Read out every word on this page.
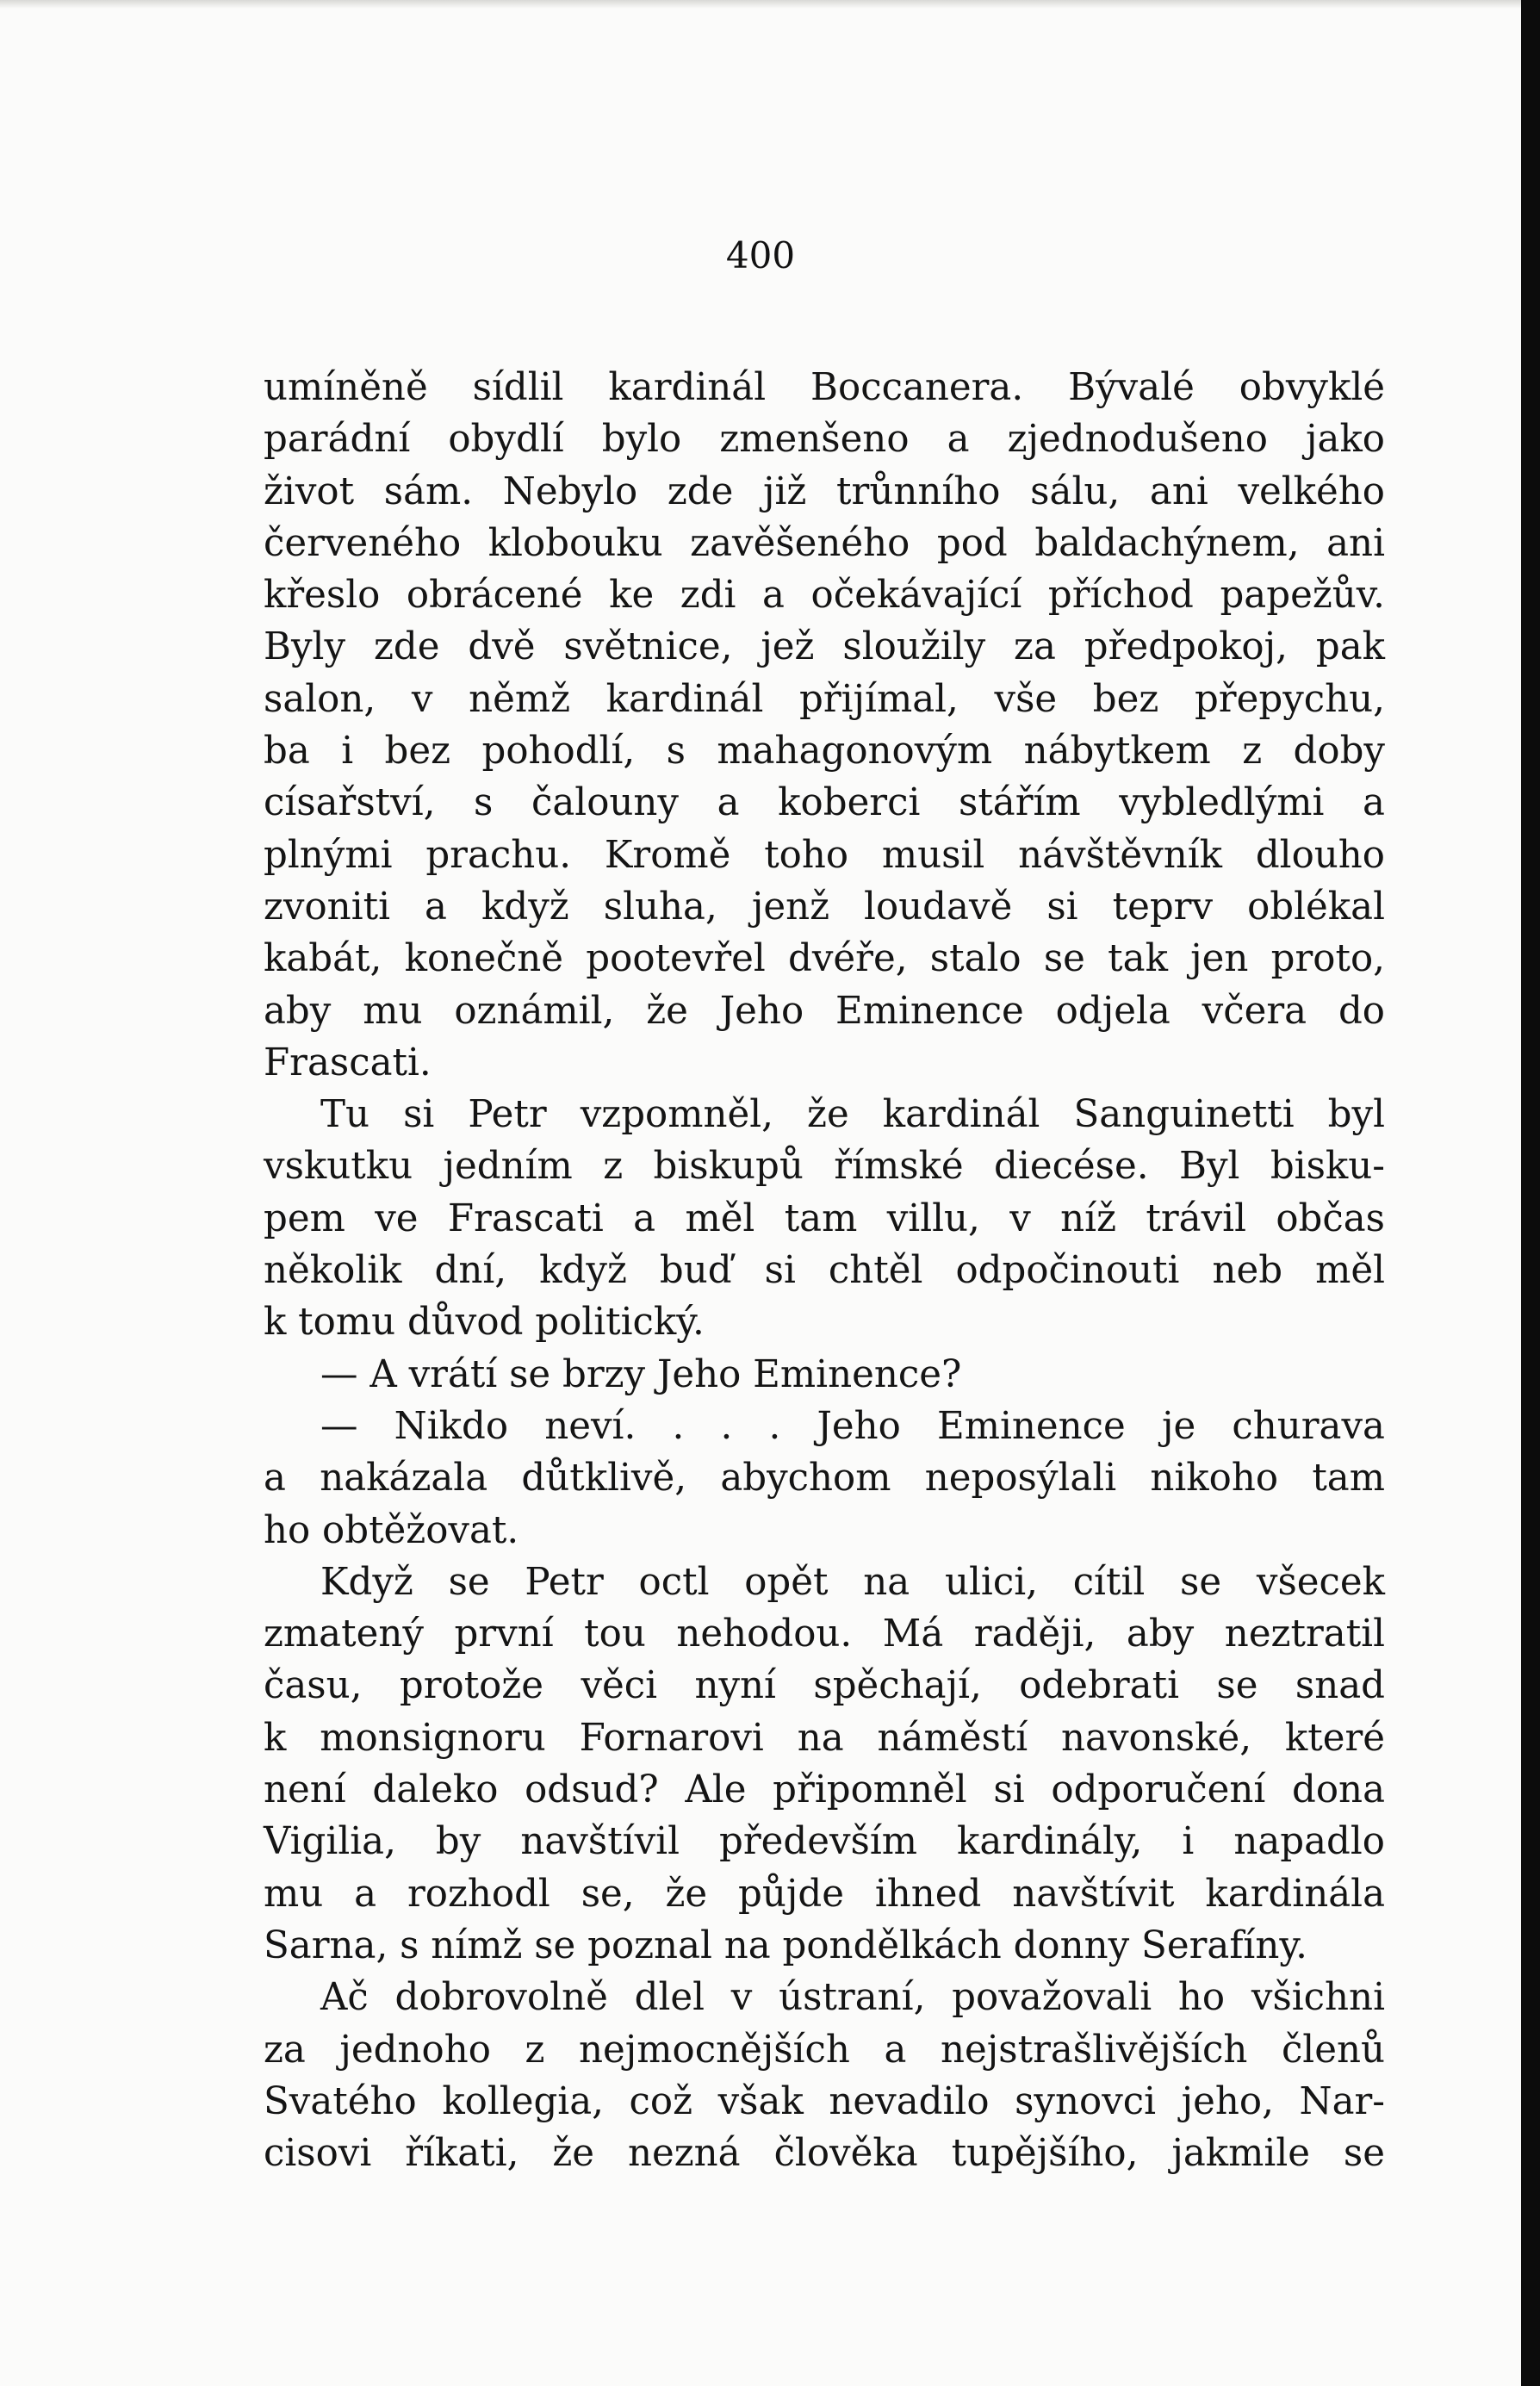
400

umíněně sídlil kardinál Boccanera. Bývalé obvyklé
parádní obydlí bylo zmenšeno a zjednodušeno jako
život sám. Nebylo zde již trůnního sálu, ani velkého
červeného klobouku zavěšeného pod baldachýnem, ani
křeslo obrácené ke zdi a očekávající příchod papežův.
Byly zde dvě světnice, jež sloužily za předpokoj, pak
salon, v němž kardinál přijímal, vše bez přepychu,
ba i bez pohodlí, s mahagonovým nábytkem z doby
císařství, s čalouny a koberci stářím vybledlými a
plnými prachu. Kromě toho musil návštěvník dlouho
zvoniti a když sluha, jenž loudavě si teprv oblékal
kabát, konečně pootevřel dvéře, stalo se tak jen proto,
aby mu oznámil, že Jeho Eminence odjela včera do
Frascati.
Tu si Petr vzpomněl, že kardinál Sanguinetti byl
vskutku jedním z biskupů římské diecése. Byl bisku-
pem ve Frascati a měl tam villu, v níž trávil občas
několik dní, když buď si chtěl odpočinouti neb měl
k tomu důvod politický.
— A vrátí se brzy Jeho Eminence?
— Nikdo neví. . . . Jeho Eminence je churava
a nakázala důtklivě, abychom neposýlali nikoho tam
ho obtěžovat.
Když se Petr octl opět na ulici, cítil se všecek
zmatený první tou nehodou. Má raději, aby neztratil
času, protože věci nyní spěchají, odebrati se snad
k monsignoru Fornarovi na náměstí navonské, které
není daleko odsud? Ale připomněl si odporučení dona
Vigilia, by navštívil především kardinály, i napadlo
mu a rozhodl se, že půjde ihned navštívit kardinála
Sarna, s nímž se poznal na pondělkách donny Serafíny.
Ač dobrovolně dlel v ústraní, považovali ho všichni
za jednoho z nejmocnějších a nejstrašlivějších členů
Svatého kollegia, což však nevadilo synovci jeho, Nar-
cisovi říkati, že nezná člověka tupějšího, jakmile se
